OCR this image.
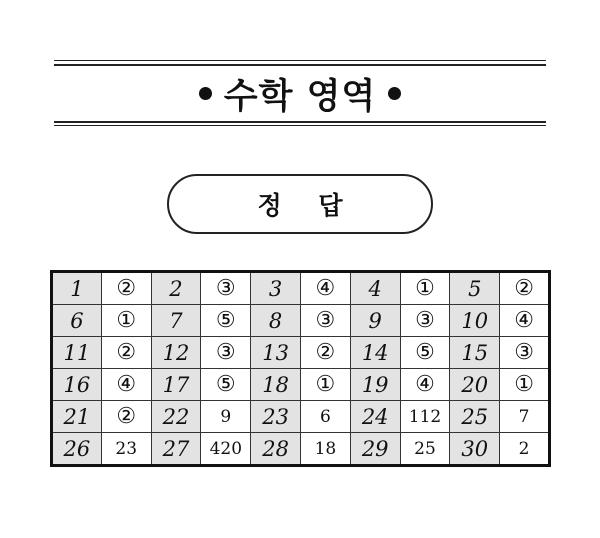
수학 영역
정 답
1	②	2	③	3	④	4	①	5	②
6	①	7	⑤	8	③	9	③	10	④
11	②	12	③	13	②	14	⑤	15	③
16	④	17	⑤	18	①	19	④	20	①
21	②	22	9	23	6	24	112	25	7
26	23	27	420	28	18	29	25	30	2
